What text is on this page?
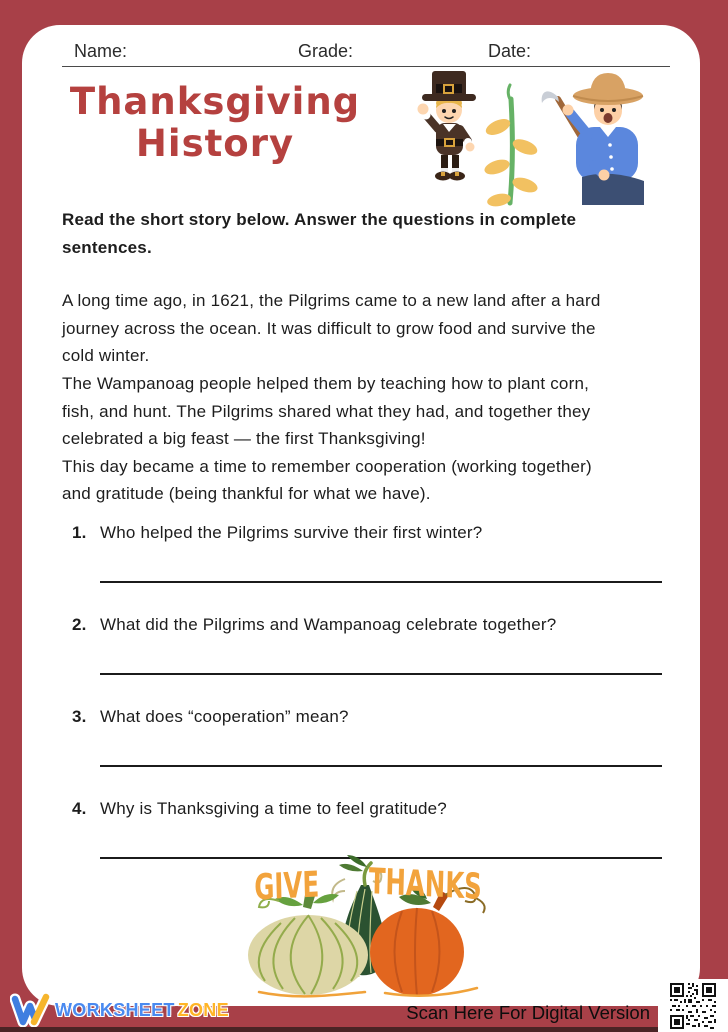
Name:	Grade:	Date:
Thanksgiving
History
Read the short story below. Answer the questions in complete
sentences.
A long time ago, in 1621, the Pilgrims came to a new land after a hard
journey across the ocean. It was difficult to grow food and survive the
cold winter.
The Wampanoag people helped them by teaching how to plant corn,
fish, and hunt. The Pilgrims shared what they had, and together they
celebrated a big feast — the first Thanksgiving!
This day became a time to remember cooperation (working together)
and gratitude (being thankful for what we have).
1. Who helped the Pilgrims survive their first winter?
2. What did the Pilgrims and Wampanoag celebrate together?
3. What does “cooperation” mean?
4. Why is Thanksgiving a time to feel gratitude?
GIVE THANKS
WORKSHEET ZONE	Scan Here For Digital Version
